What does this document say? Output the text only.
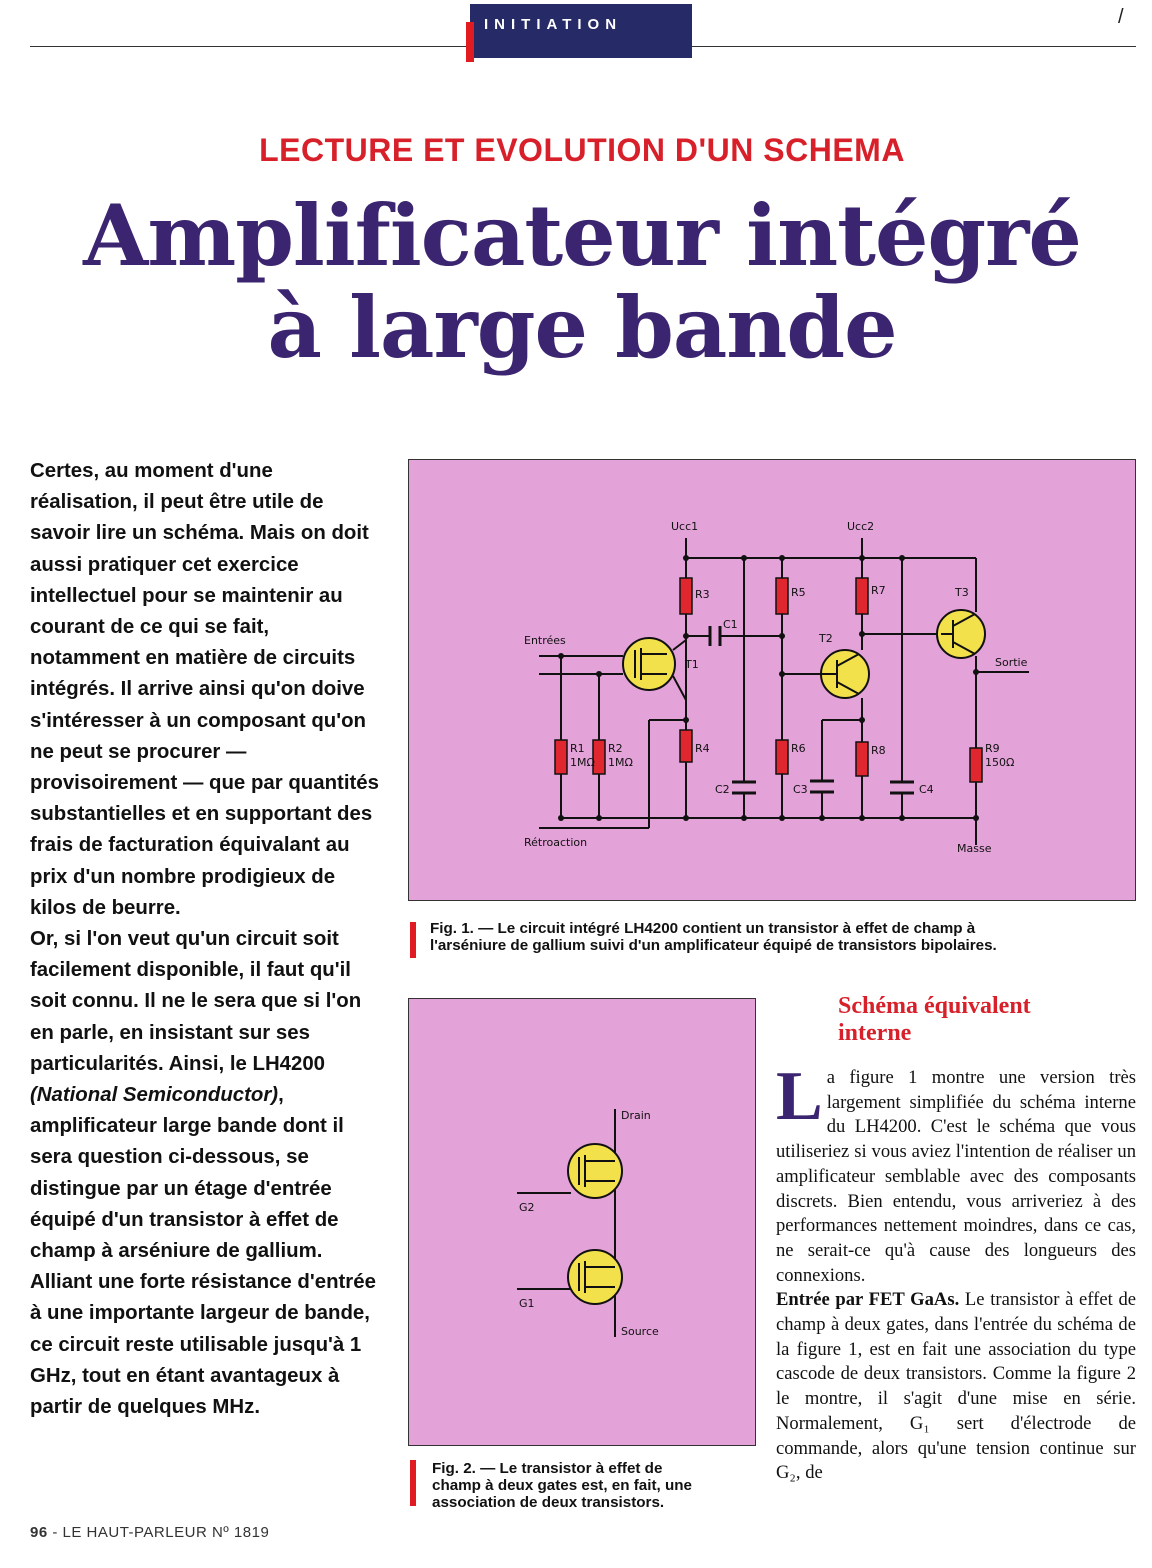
INITIATION	/
LECTURE ET EVOLUTION D'UN SCHEMA
Amplificateur intégré
à large bande

Certes, au moment d'une réalisation, il peut être utile de savoir lire un schéma. Mais on doit aussi pratiquer cet exercice intellectuel pour se maintenir au courant de ce qui se fait, notamment en matière de circuits intégrés. Il arrive ainsi qu'on doive s'intéresser à un composant qu'on ne peut se procurer — provisoirement — que par quantités substantielles et en supportant des frais de facturation équivalant au prix d'un nombre prodigieux de kilos de beurre.

Or, si l'on veut qu'un circuit soit facilement disponible, il faut qu'il soit connu. Il ne le sera que si l'on en parle, en insistant sur ses particularités. Ainsi, le LH4200 (National Semiconductor), amplificateur large bande dont il sera question ci-dessous, se distingue par un étage d'entrée équipé d'un transistor à effet de champ à arséniure de gallium. Alliant une forte résistance d'entrée à une importante largeur de bande, ce circuit reste utilisable jusqu'à 1 GHz, tout en étant avantageux à partir de quelques MHz.

Ucc1	Ucc2
Entrées
Rétroaction
Sortie
Masse
R1
1MΩ
R2
1MΩ
R3
R4
R5
R6
R7
R8	R9
150Ω
C1
C2	C3	C4
T1
T2
T3
Fig. 1. — Le circuit intégré LH4200 contient un transistor à effet de champ à
l'arséniure de gallium suivi d'un amplificateur équipé de transistors bipolaires.
Drain
Source
G2
G1
Fig. 2. — Le transistor à effet de
champ à deux gates est, en fait, une
association de deux transistors.
Schéma équivalent interne

La figure 1 montre une version très largement simplifiée du schéma interne du LH4200. C'est le schéma que vous utiliseriez si vous aviez l'intention de réaliser un amplificateur semblable avec des composants discrets. Bien entendu, vous arriveriez à des performances nettement moindres, dans ce cas, ne serait-ce qu'à cause des longueurs des connexions.

Entrée par FET GaAs. Le transistor à effet de champ à deux gates, dans l'entrée du schéma de la figure 1, est en fait une association du type cascode de deux transistors. Comme la figure 2 le montre, il s'agit d'une mise en série. Normalement, G₁ sert d'électrode de commande, alors qu'une tension continue sur G₂, de

96 - LE HAUT-PARLEUR Nº 1819
